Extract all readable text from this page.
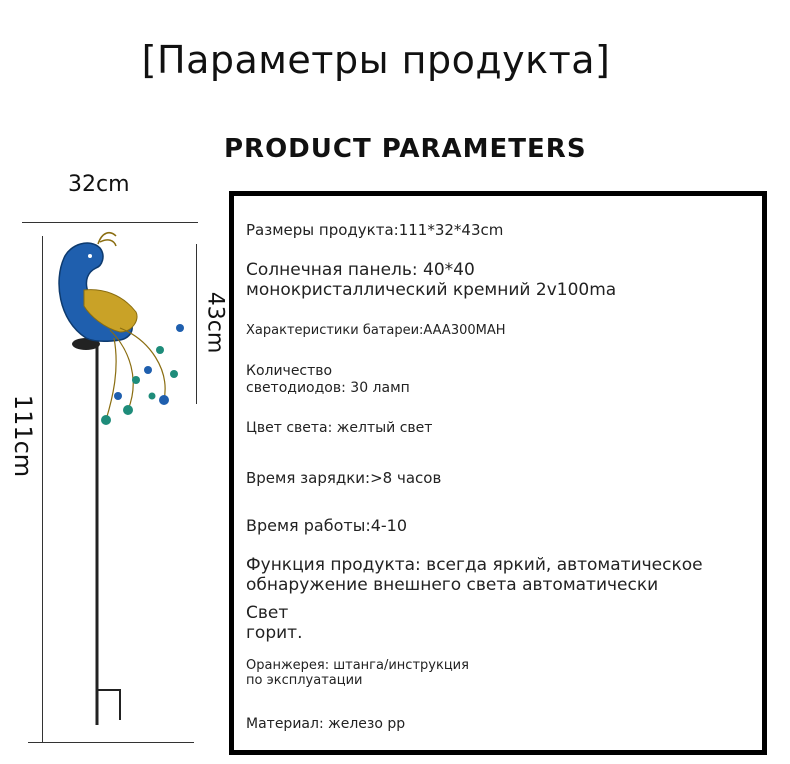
[Параметры продукта]
PRODUCT PARAMETERS
32cm
111cm
43cm
Размеры продукта:111*32*43cm
Солнечная панель: 40*40
монокристаллический кремний 2v100ma
Характеристики батареи:AAA300MAH
Количество
светодиодов: 30 ламп
Цвет света: желтый свет
Время зарядки:>8 часов
Время работы:4-10
Функция продукта: всегда яркий, автоматическое
обнаружение внешнего света автоматически
Свет
горит.
Оранжерея: штанга/инструкция
по эксплуатации
Материал: железо рр
